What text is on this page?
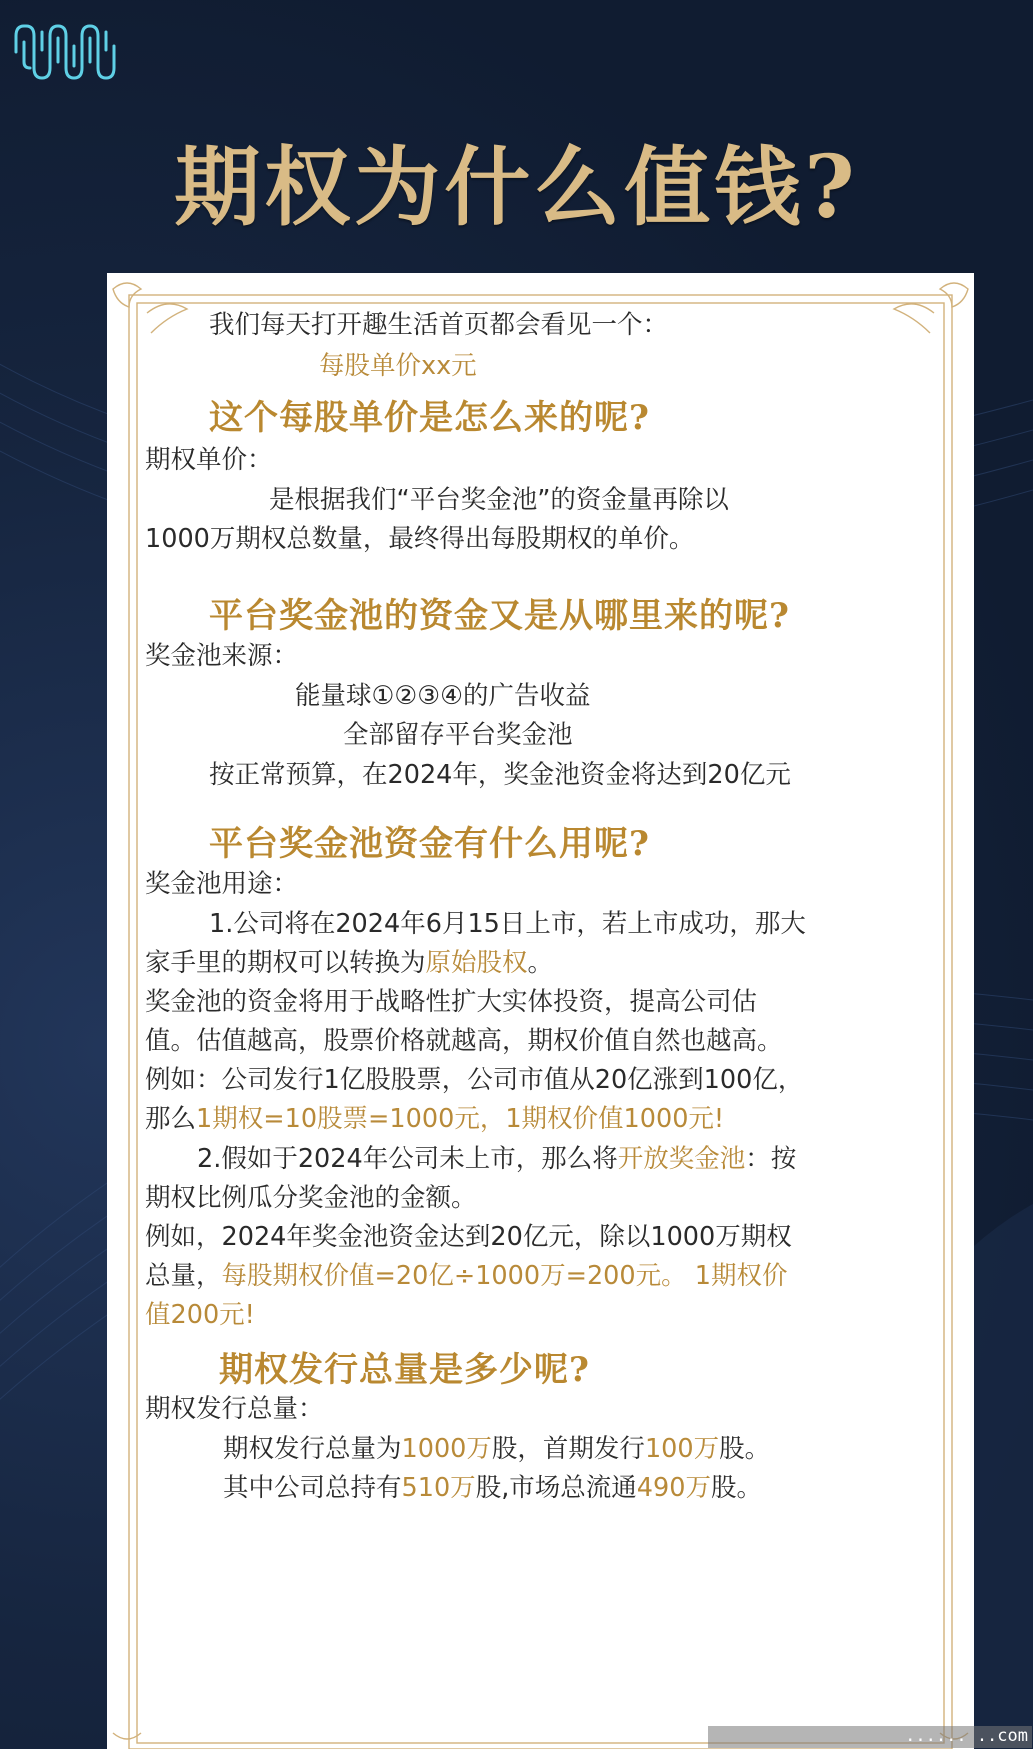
期权为什么值钱?
我们每天打开趣生活首页都会看见一个：
每股单价xx元
这个每股单价是怎么来的呢?
期权单价：
是根据我们“平台奖金池”的资金量再除以
1000万期权总数量，最终得出每股期权的单价。
平台奖金池的资金又是从哪里来的呢?
奖金池来源：
能量球①②③④的广告收益
全部留存平台奖金池
按正常预算，在2024年，奖金池资金将达到20亿元
平台奖金池资金有什么用呢?
奖金池用途：
1.公司将在2024年6月15日上市，若上市成功，那大
家手里的期权可以转换为原始股权。
奖金池的资金将用于战略性扩大实体投资，提高公司估
值。估值越高，股票价格就越高，期权价值自然也越高。
例如：公司发行1亿股股票，公司市值从20亿涨到100亿，
那么1期权=10股票=1000元，1期权价值1000元!
2.假如于2024年公司未上市，那么将开放奖金池：按
期权比例瓜分奖金池的金额。
例如，2024年奖金池资金达到20亿元，除以1000万期权
总量，每股期权价值=20亿÷1000万=200元。 1期权价
值200元!
期权发行总量是多少呢?
期权发行总量：
期权发行总量为1000万股，首期发行100万股。
其中公司总持有510万股,市场总流通490万股。
...... ..com
